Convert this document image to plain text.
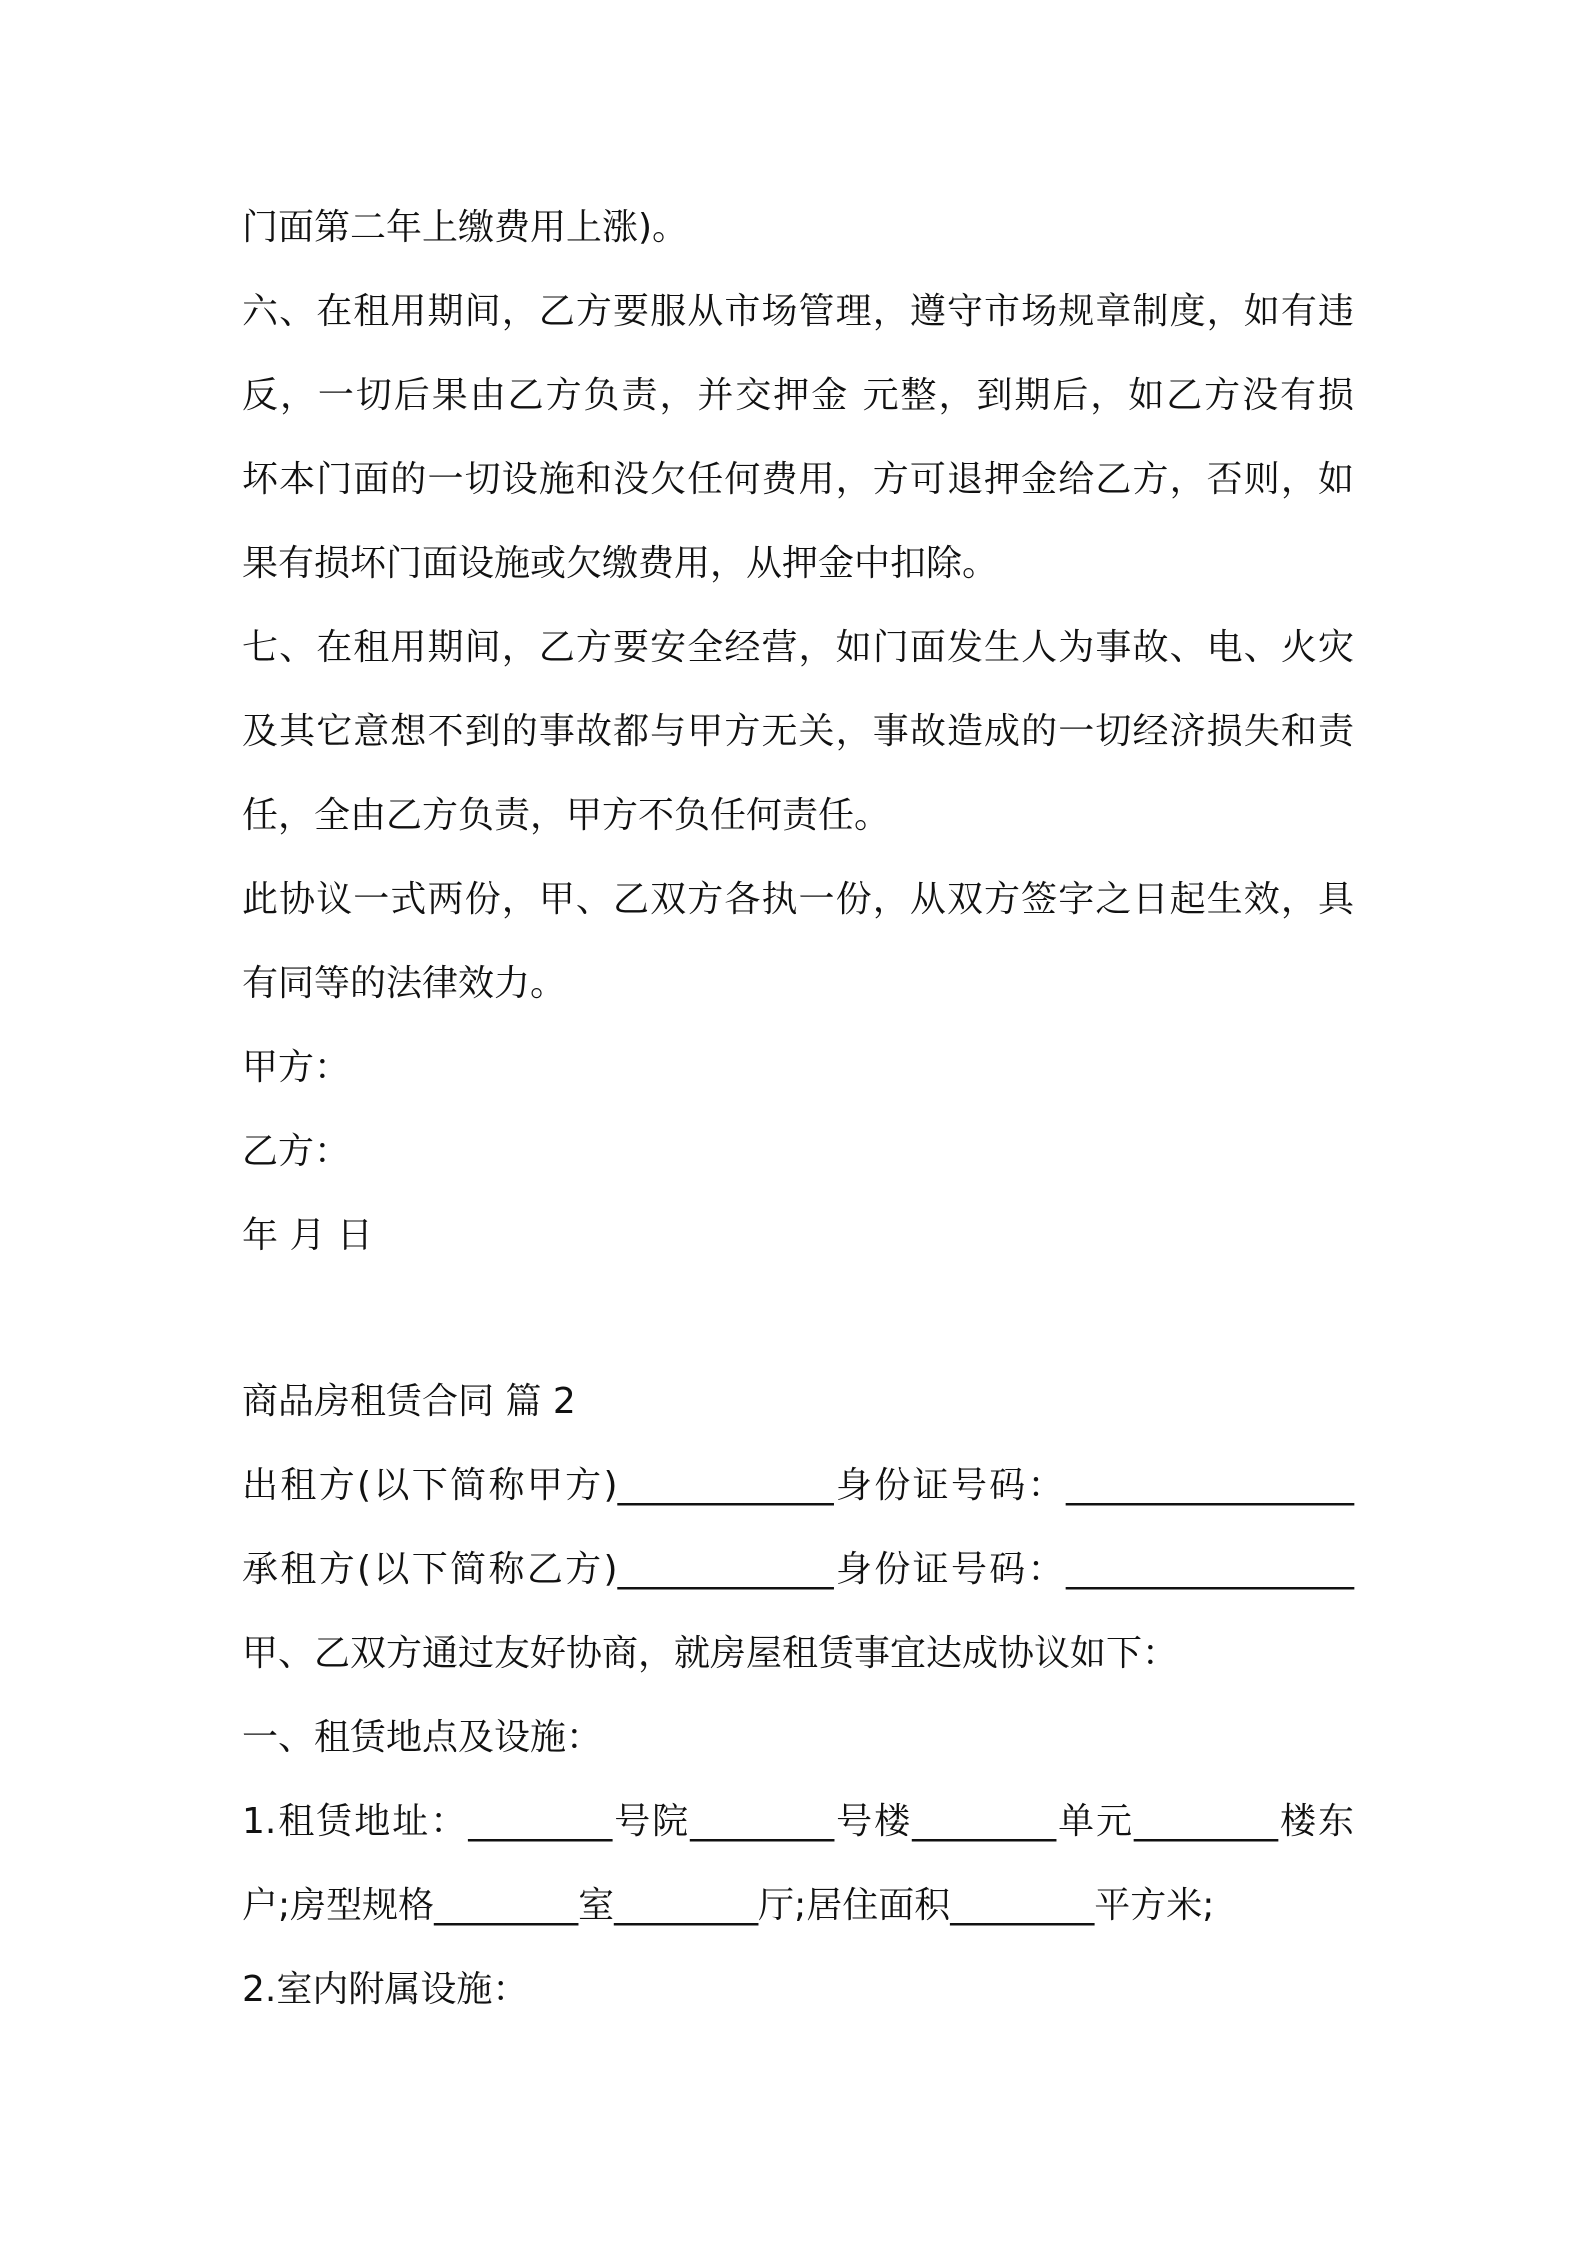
门面第二年上缴费用上涨)。
六、在租用期间，乙方要服从市场管理，遵守市场规章制度，如有违
反，一切后果由乙方负责，并交押金 元整，到期后，如乙方没有损
坏本门面的一切设施和没欠任何费用，方可退押金给乙方，否则，如
果有损坏门面设施或欠缴费用，从押金中扣除。
七、在租用期间，乙方要安全经营，如门面发生人为事故、电、火灾
及其它意想不到的事故都与甲方无关，事故造成的一切经济损失和责
任，全由乙方负责，甲方不负任何责任。
此协议一式两份，甲、乙双方各执一份，从双方签字之日起生效，具
有同等的法律效力。
甲方：
乙方：
年 月 日
商品房租赁合同 篇 2
出租方(以下简称甲方)____________身份证号码：________________
承租方(以下简称乙方)____________身份证号码：________________
甲、乙双方通过友好协商，就房屋租赁事宜达成协议如下：
一、租赁地点及设施：
1.租赁地址：________号院________号楼________单元________楼东
户;房型规格________室________厅;居住面积________平方米;
2.室内附属设施：
